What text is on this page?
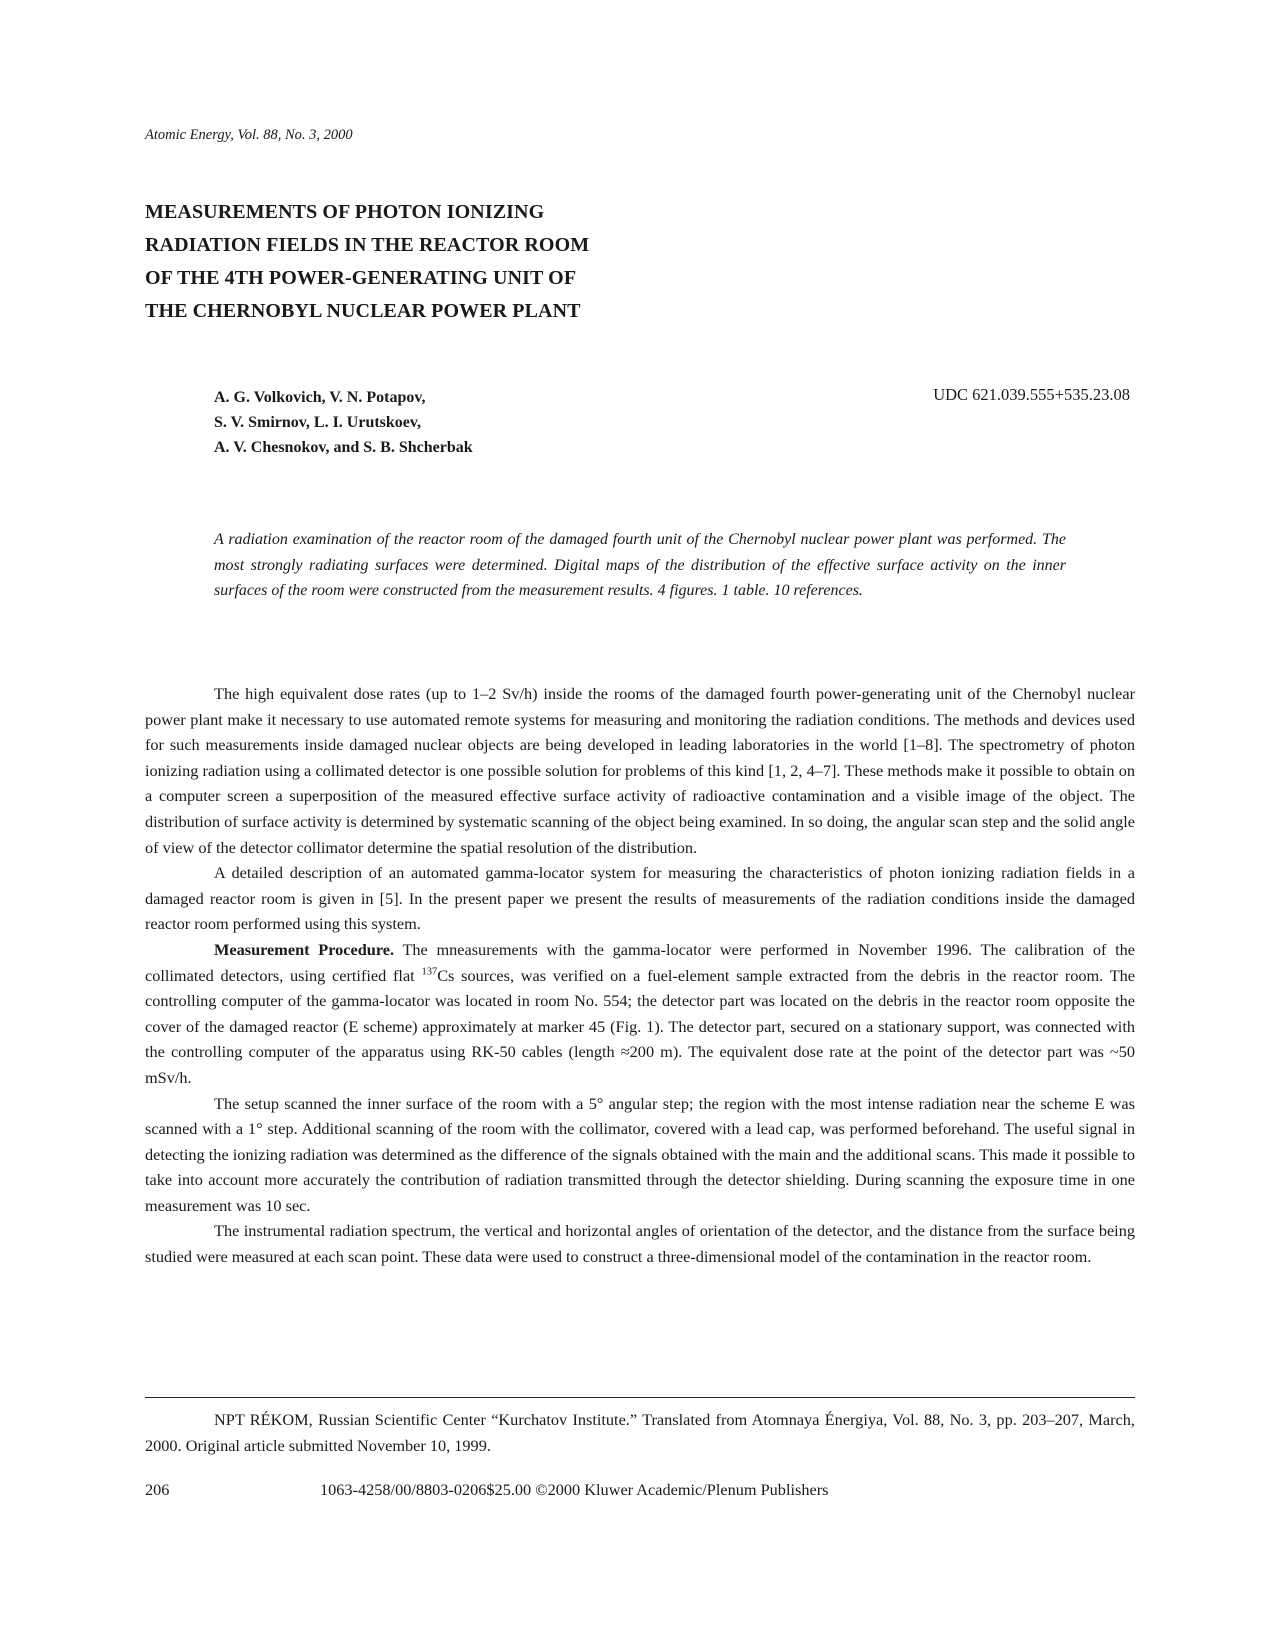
Atomic Energy, Vol. 88, No. 3, 2000
MEASUREMENTS OF PHOTON IONIZING
RADIATION FIELDS IN THE REACTOR ROOM
OF THE 4TH POWER-GENERATING UNIT OF
THE CHERNOBYL NUCLEAR POWER PLANT
A. G. Volkovich, V. N. Potapov,
S. V. Smirnov, L. I. Urutskoev,
A. V. Chesnokov, and S. B. Shcherbak
UDC 621.039.555+535.23.08
A radiation examination of the reactor room of the damaged fourth unit of the Chernobyl nuclear power plant was performed. The most strongly radiating surfaces were determined. Digital maps of the distribution of the effective surface activity on the inner surfaces of the room were constructed from the measurement results. 4 figures. 1 table. 10 references.

The high equivalent dose rates (up to 1–2 Sv/h) inside the rooms of the damaged fourth power-generating unit of the Chernobyl nuclear power plant make it necessary to use automated remote systems for measuring and monitoring the radiation conditions. The methods and devices used for such measurements inside damaged nuclear objects are being developed in leading laboratories in the world [1–8]. The spectrometry of photon ionizing radiation using a collimated detector is one possible solution for problems of this kind [1, 2, 4–7]. These methods make it possible to obtain on a computer screen a superposition of the measured effective surface activity of radioactive contamination and a visible image of the object. The distribution of surface activity is determined by systematic scanning of the object being examined. In so doing, the angular scan step and the solid angle of view of the detector collimator determine the spatial resolution of the distribution.

A detailed description of an automated gamma-locator system for measuring the characteristics of photon ionizing radiation fields in a damaged reactor room is given in [5]. In the present paper we present the results of measurements of the radiation conditions inside the damaged reactor room performed using this system.

Measurement Procedure. The mneasurements with the gamma-locator were performed in November 1996. The calibration of the collimated detectors, using certified flat $^{137}$Cs sources, was verified on a fuel-element sample extracted from the debris in the reactor room. The controlling computer of the gamma-locator was located in room No. 554; the detector part was located on the debris in the reactor room opposite the cover of the damaged reactor (E scheme) approximately at marker 45 (Fig. 1). The detector part, secured on a stationary support, was connected with the controlling computer of the apparatus using RK-50 cables (length ≈200 m). The equivalent dose rate at the point of the detector part was ~50 mSv/h.

The setup scanned the inner surface of the room with a 5° angular step; the region with the most intense radiation near the scheme E was scanned with a 1° step. Additional scanning of the room with the collimator, covered with a lead cap, was performed beforehand. The useful signal in detecting the ionizing radiation was determined as the difference of the signals obtained with the main and the additional scans. This made it possible to take into account more accurately the contribution of radiation transmitted through the detector shielding. During scanning the exposure time in one measurement was 10 sec.

The instrumental radiation spectrum, the vertical and horizontal angles of orientation of the detector, and the distance from the surface being studied were measured at each scan point. These data were used to construct a three-dimensional model of the contamination in the reactor room.

NPT RÉKOM, Russian Scientific Center “Kurchatov Institute.” Translated from Atomnaya Énergiya, Vol. 88, No. 3, pp. 203–207, March, 2000. Original article submitted November 10, 1999.
206	1063-4258/00/8803-0206$25.00 ©2000 Kluwer Academic/Plenum Publishers
